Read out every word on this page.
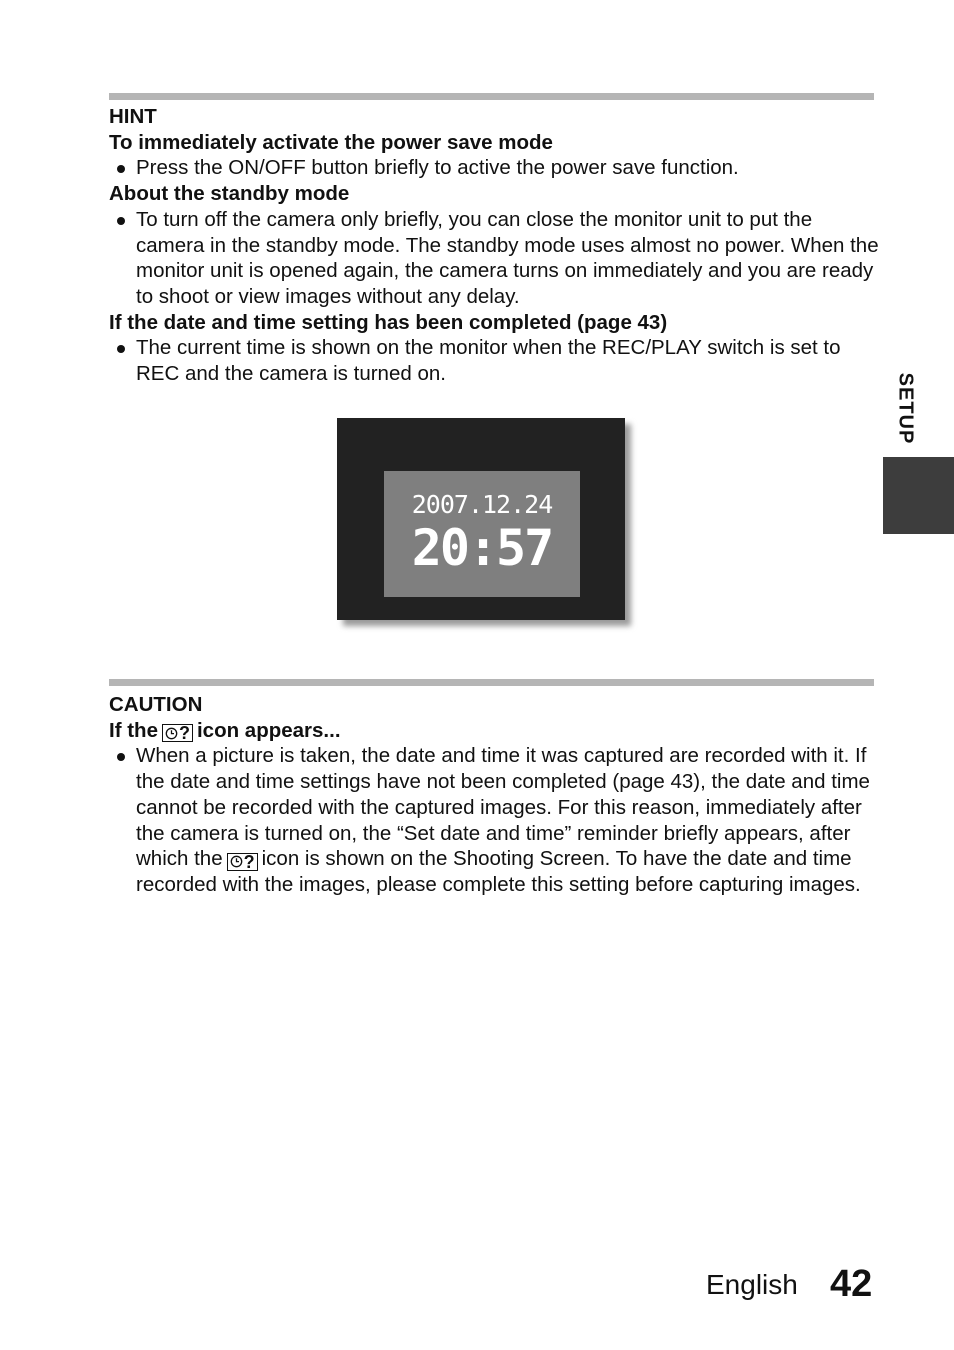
HINT
To immediately activate the power save mode
Press the ON/OFF button briefly to active the power save function.
About the standby mode
To turn off the camera only briefly, you can close the monitor unit to put the camera in the standby mode. The standby mode uses almost no power. When the monitor unit is opened again, the camera turns on immediately and you are ready to shoot or view images without any delay.
If the date and time setting has been completed (page 43)
The current time is shown on the monitor when the REC/PLAY switch is set to REC and the camera is turned on.
2007.12.24
20:57
CAUTION
If the ? icon appears...
When a picture is taken, the date and time it was captured are recorded with it. If the date and time settings have not been completed (page 43), the date and time cannot be recorded with the captured images. For this reason, immediately after the camera is turned on, the “Set date and time” reminder briefly appears, after which the ? icon is shown on the Shooting Screen. To have the date and time recorded with the images, please complete this setting before capturing images.
SETUP
English 42
